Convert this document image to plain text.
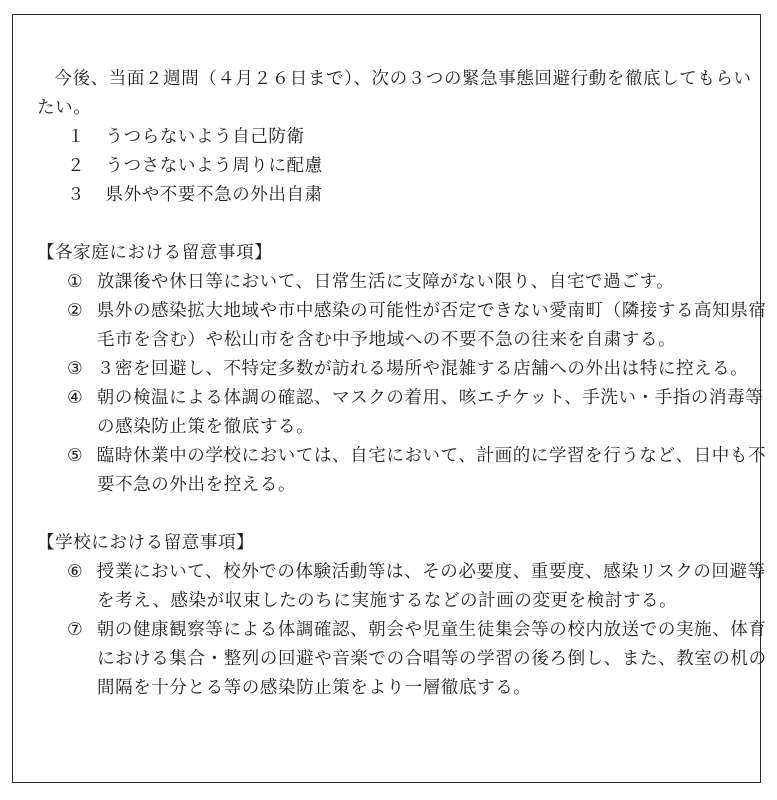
今後、当面２週間（４月２６日まで）、次の３つの緊急事態回避行動を徹底してもらいたい。

１ うつらないよう自己防衛
２ うつさないよう周りに配慮
３ 県外や不要不急の外出自粛

【各家庭における留意事項】

① 放課後や休日等において、日常生活に支障がない限り、自宅で過ごす。
② 県外の感染拡大地域や市中感染の可能性が否定できない愛南町（隣接する高知県宿毛市を含む）や松山市を含む中予地域への不要不急の往来を自粛する。
③ ３密を回避し、不特定多数が訪れる場所や混雑する店舗への外出は特に控える。
④ 朝の検温による体調の確認、マスクの着用、咳エチケット、手洗い・手指の消毒等の感染防止策を徹底する。
⑤ 臨時休業中の学校においては、自宅において、計画的に学習を行うなど、日中も不要不急の外出を控える。

【学校における留意事項】

⑥ 授業において、校外での体験活動等は、その必要度、重要度、感染リスクの回避等を考え、感染が収束したのちに実施するなどの計画の変更を検討する。
⑦ 朝の健康観察等による体調確認、朝会や児童生徒集会等の校内放送での実施、体育における集合・整列の回避や音楽での合唱等の学習の後ろ倒し、また、教室の机の間隔を十分とる等の感染防止策をより一層徹底する。
